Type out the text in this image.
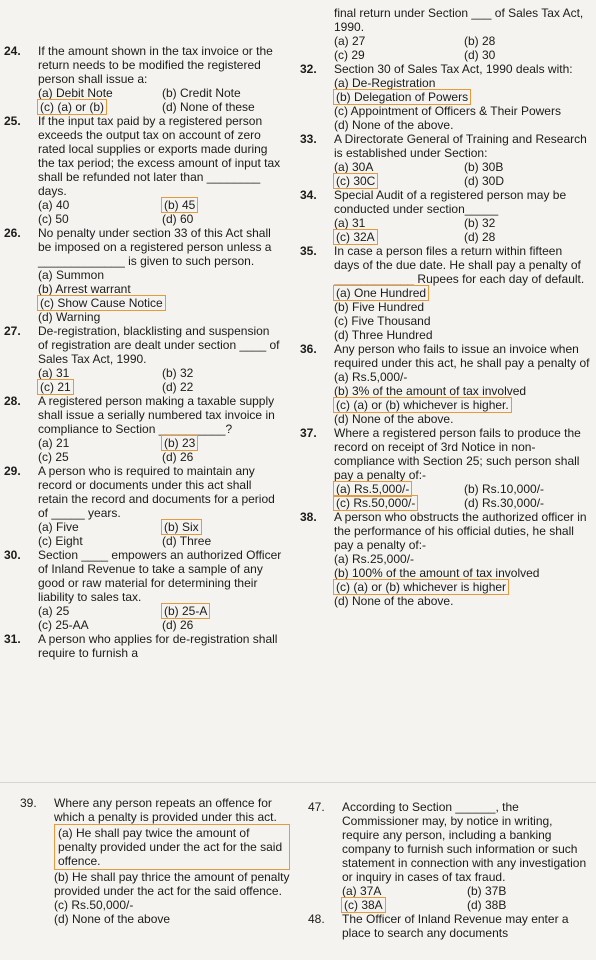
24.	If the amount shown in the tax invoice or the return needs to be modified the registered person shall issue a:
(a) Debit Note	(b) Credit Note
(c) (a) or (b)	(d) None of these
25.	If the input tax paid by a registered person exceeds the output tax on account of zero rated local supplies or exports made during the tax period; the excess amount of input tax shall be refunded not later than ________ days.
(a) 40	(b) 45
(c) 50	(d) 60
26.	No penalty under section 33 of this Act shall be imposed on a registered person unless a _____________ is given to such person.
(a) Summon
(b) Arrest warrant
(c) Show Cause Notice
(d) Warning
27.	De-registration, blacklisting and suspension of registration are dealt under section ____ of Sales Tax Act, 1990.
(a) 31	(b) 32
(c) 21	(d) 22
28.	A registered person making a taxable supply shall issue a serially numbered tax invoice in compliance to Section __________?
(a) 21	(b) 23
(c) 25	(d) 26
29.	A person who is required to maintain any record or documents under this act shall retain the record and documents for a period of _____ years.
(a) Five	(b) Six
(c) Eight	(d) Three
30.	Section ____ empowers an authorized Officer of Inland Revenue to take a sample of any good or raw material for determining their liability to sales tax.
(a) 25	(b) 25-A
(c) 25-AA	(d) 26
31.	A person who applies for de-registration shall require to furnish a
final return under Section ___ of Sales Tax Act, 1990.
(a) 27	(b) 28
(c) 29	(d) 30
32.	Section 30 of Sales Tax Act, 1990 deals with:
(a) De-Registration
(b) Delegation of Powers
(c) Appointment of Officers & Their Powers
(d) None of the above.
33.	A Directorate General of Training and Research is established under Section:
(a) 30A	(b) 30B
(c) 30C	(d) 30D
34.	Special Audit of a registered person may be conducted under section_____
(a) 31	(b) 32
(c) 32A	(d) 28
35.	In case a person files a return within fifteen days of the due date. He shall pay a penalty of ____________ Rupees for each day of default.
(a) One Hundred
(b) Five Hundred
(c) Five Thousand
(d) Three Hundred
36.	Any person who fails to issue an invoice when required under this act, he shall pay a penalty of
(a) Rs.5,000/-
(b) 3% of the amount of tax involved
(c) (a) or (b) whichever is higher.
(d) None of the above.
37.	Where a registered person fails to produce the record on receipt of 3rd Notice in non-compliance with Section 25; such person shall pay a penalty of:-
(a) Rs.5,000/-	(b) Rs.10,000/-
(c) Rs.50,000/-	(d) Rs.30,000/-
38.	A person who obstructs the authorized officer in the performance of his official duties, he shall pay a penalty of:-
(a) Rs.25,000/-
(b) 100% of the amount of tax involved
(c) (a) or (b) whichever is higher
(d) None of the above.
39.	Where any person repeats an offence for which a penalty is provided under this act.
(a) He shall pay twice the amount of penalty provided under the act for the said offence.
(b) He shall pay thrice the amount of penalty provided under the act for the said offence.
(c) Rs.50,000/-
(d) None of the above
47.	According to Section ______, the Commissioner may, by notice in writing, require any person, including a banking company to furnish such information or such statement in connection with any investigation or inquiry in cases of tax fraud.
(a) 37A	(b) 37B
(c) 38A	(d) 38B
48.	The Officer of Inland Revenue may enter a place to search any documents
